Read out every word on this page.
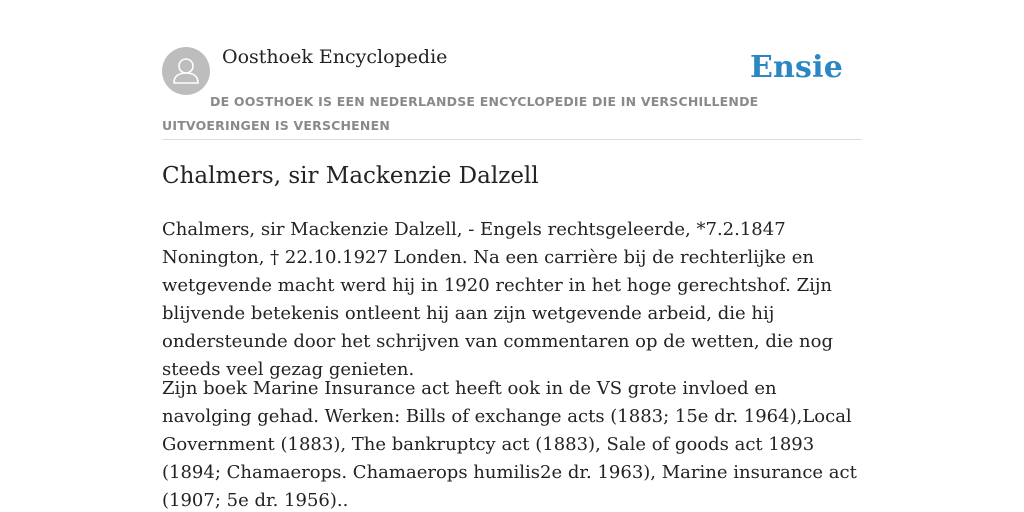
Oosthoek Encyclopedie	Ensie
DE OOSTHOEK IS EEN NEDERLANDSE ENCYCLOPEDIE DIE IN VERSCHILLENDE UITVOERINGEN IS VERSCHENEN
Chalmers, sir Mackenzie Dalzell

Chalmers, sir Mackenzie Dalzell, - Engels rechtsgeleerde, *7.2.1847 Nonington, † 22.10.1927 Londen. Na een carrière bij de rechterlijke en wetgevende macht werd hij in 1920 rechter in het hoge gerechtshof. Zijn blijvende betekenis ontleent hij aan zijn wetgevende arbeid, die hij ondersteunde door het schrijven van commentaren op de wetten, die nog steeds veel gezag genieten.

Zijn boek Marine Insurance act heeft ook in de VS grote invloed en navolging gehad. Werken: Bills of exchange acts (1883; 15e dr. 1964),Local Government (1883), The bankruptcy act (1883), Sale of goods act 1893 (1894; Chamaerops. Chamaerops humilis2e dr. 1963), Marine insurance act (1907; 5e dr. 1956)..
